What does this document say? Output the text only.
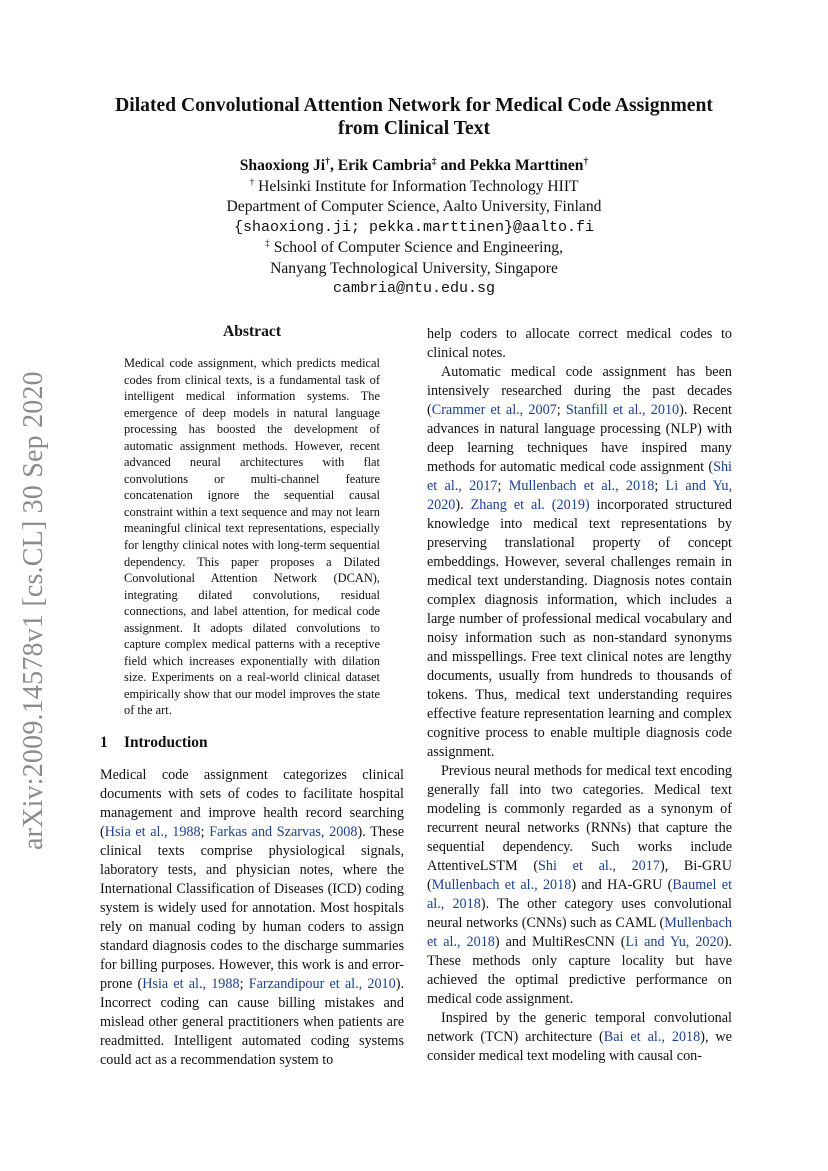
arXiv:2009.14578v1 [cs.CL] 30 Sep 2020
Dilated Convolutional Attention Network for Medical Code Assignment
from Clinical Text
Shaoxiong Ji†, Erik Cambria‡ and Pekka Marttinen†
† Helsinki Institute for Information Technology HIIT
Department of Computer Science, Aalto University, Finland
{shaoxiong.ji; pekka.marttinen}@aalto.fi
‡ School of Computer Science and Engineering,
Nanyang Technological University, Singapore
cambria@ntu.edu.sg
Abstract
Medical code assignment, which predicts medical codes from clinical texts, is a fundamental task of intelligent medical information systems. The emergence of deep models in natural language processing has boosted the development of automatic assignment methods. However, recent advanced neural architectures with flat convolutions or multi-channel feature concatenation ignore the sequential causal constraint within a text sequence and may not learn meaningful clinical text representations, especially for lengthy clinical notes with long-term sequential dependency. This paper proposes a Dilated Convolutional Attention Network (DCAN), integrating dilated convolutions, residual connections, and label attention, for medical code assignment. It adopts dilated convolutions to capture complex medical patterns with a receptive field which increases exponentially with dilation size. Experiments on a real-world clinical dataset empirically show that our model improves the state of the art.
1 Introduction

Medical code assignment categorizes clinical documents with sets of codes to facilitate hospital management and improve health record searching (Hsia et al., 1988; Farkas and Szarvas, 2008). These clinical texts comprise physiological signals, laboratory tests, and physician notes, where the International Classification of Diseases (ICD) coding system is widely used for annotation. Most hospitals rely on manual coding by human coders to assign standard diagnosis codes to the discharge summaries for billing purposes. However, this work is and error-prone (Hsia et al., 1988; Farzandipour et al., 2010). Incorrect coding can cause billing mistakes and mislead other general practitioners when patients are readmitted. Intelligent automated coding systems could act as a recommendation system to

help coders to allocate correct medical codes to clinical notes.

Automatic medical code assignment has been intensively researched during the past decades (Crammer et al., 2007; Stanfill et al., 2010). Recent advances in natural language processing (NLP) with deep learning techniques have inspired many methods for automatic medical code assignment (Shi et al., 2017; Mullenbach et al., 2018; Li and Yu, 2020). Zhang et al. (2019) incorporated structured knowledge into medical text representations by preserving translational property of concept embeddings. However, several challenges remain in medical text understanding. Diagnosis notes contain complex diagnosis information, which includes a large number of professional medical vocabulary and noisy information such as non-standard synonyms and misspellings. Free text clinical notes are lengthy documents, usually from hundreds to thousands of tokens. Thus, medical text understanding requires effective feature representation learning and complex cognitive process to enable multiple diagnosis code assignment.

Previous neural methods for medical text encoding generally fall into two categories. Medical text modeling is commonly regarded as a synonym of recurrent neural networks (RNNs) that capture the sequential dependency. Such works include AttentiveLSTM (Shi et al., 2017), Bi-GRU (Mullenbach et al., 2018) and HA-GRU (Baumel et al., 2018). The other category uses convolutional neural networks (CNNs) such as CAML (Mullenbach et al., 2018) and MultiResCNN (Li and Yu, 2020). These methods only capture locality but have achieved the optimal predictive performance on medical code assignment.

Inspired by the generic temporal convolutional network (TCN) architecture (Bai et al., 2018), we consider medical text modeling with causal con-
